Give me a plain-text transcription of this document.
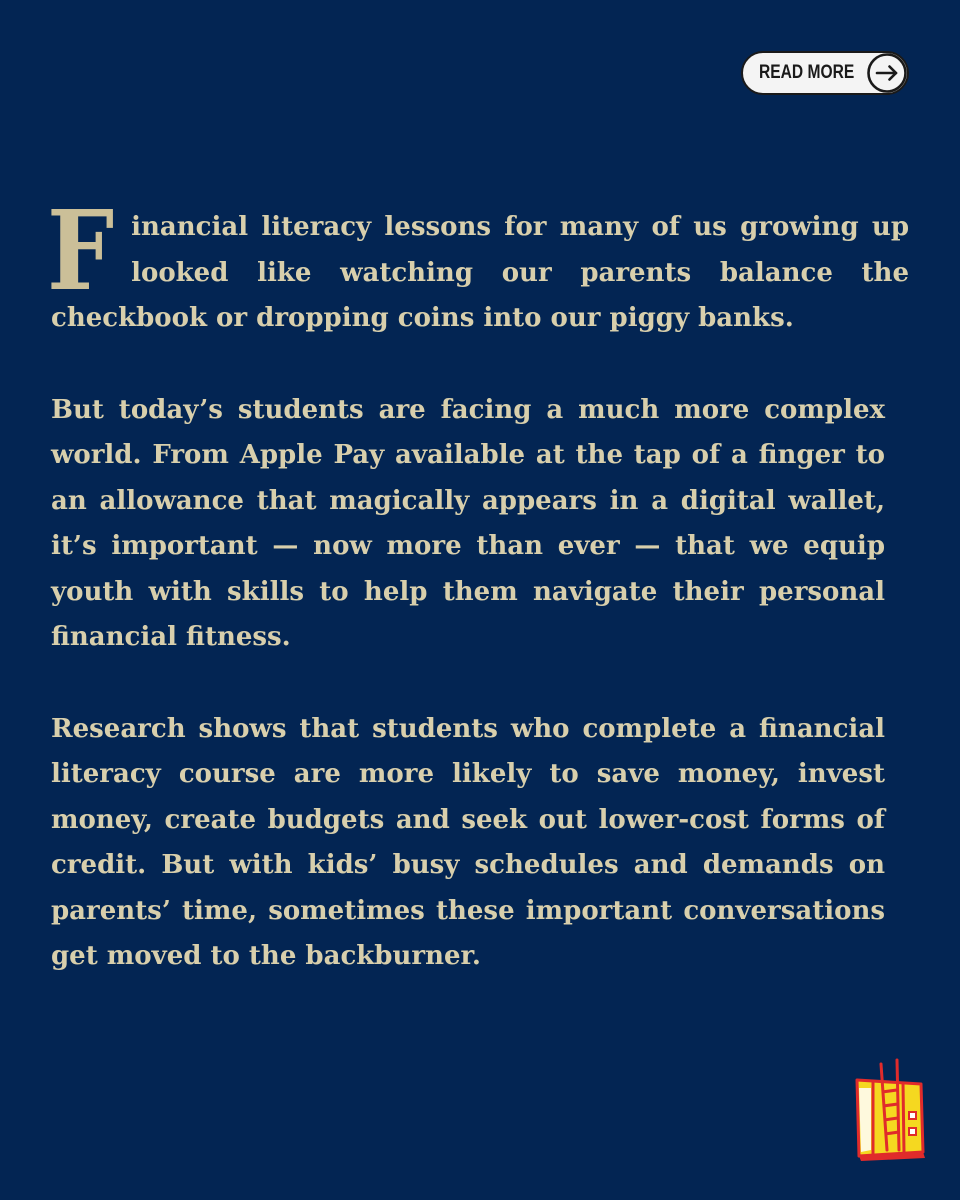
READ MORE

Financial literacy lessons for many of us growing up looked like watching our parents balance the checkbook or dropping coins into our piggy banks.

But today’s students are facing a much more complex world. From Apple Pay available at the tap of a finger to an allowance that magically appears in a digital wallet, it’s important — now more than ever — that we equip youth with skills to help them navigate their personal financial fitness.

Research shows that students who complete a financial literacy course are more likely to save money, invest money, create budgets and seek out lower-cost forms of credit. But with kids’ busy schedules and demands on parents’ time, sometimes these important conversations get moved to the backburner.
